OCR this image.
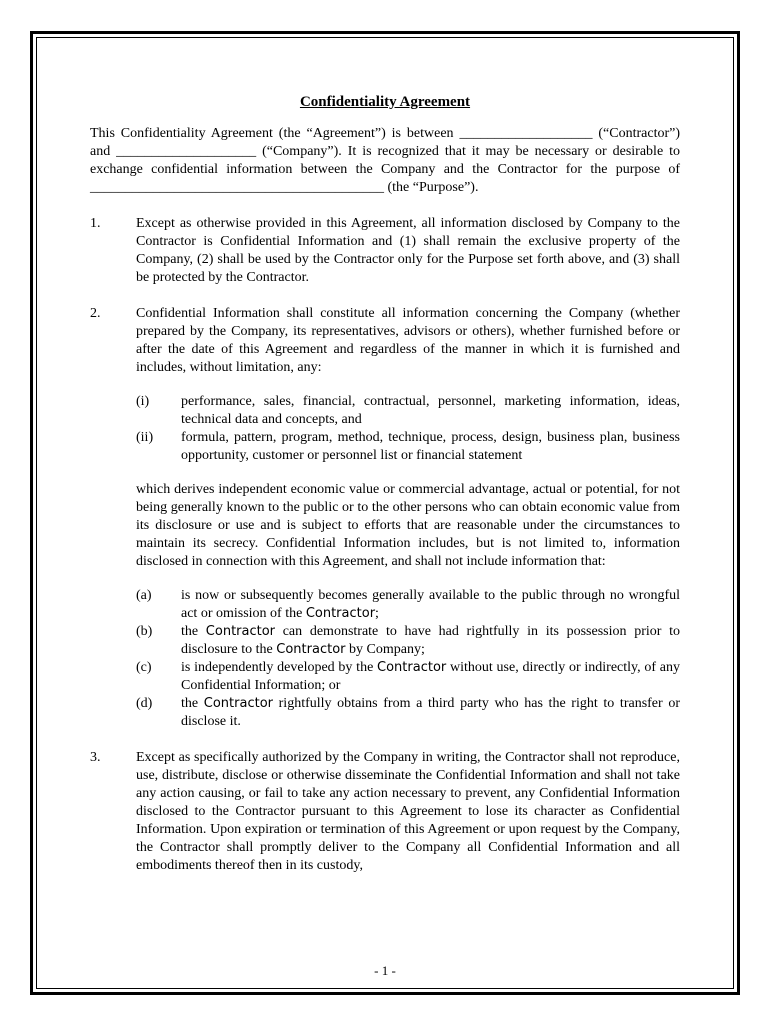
Confidentiality Agreement
This Confidentiality Agreement (the “Agreement”) is between ___________________ (“Contractor”) and ____________________ (“Company”). It is recognized that it may be necessary or desirable to exchange confidential information between the Company and the Contractor for the purpose of __________________________________________ (the “Purpose”).
1.	Except as otherwise provided in this Agreement, all information disclosed by Company to the Contractor is Confidential Information and (1) shall remain the exclusive property of the Company, (2) shall be used by the Contractor only for the Purpose set forth above, and (3) shall be protected by the Contractor.
2.	Confidential Information shall constitute all information concerning the Company (whether prepared by the Company, its representatives, advisors or others), whether furnished before or after the date of this Agreement and regardless of the manner in which it is furnished and includes, without limitation, any:
(i) performance, sales, financial, contractual, personnel, marketing information, ideas, technical data and concepts, and
(ii) formula, pattern, program, method, technique, process, design, business plan, business opportunity, customer or personnel list or financial statement
which derives independent economic value or commercial advantage, actual or potential, for not being generally known to the public or to the other persons who can obtain economic value from its disclosure or use and is subject to efforts that are reasonable under the circumstances to maintain its secrecy. Confidential Information includes, but is not limited to, information disclosed in connection with this Agreement, and shall not include information that:
(a) is now or subsequently becomes generally available to the public through no wrongful act or omission of the Contractor;
(b) the Contractor can demonstrate to have had rightfully in its possession prior to disclosure to the Contractor by Company;
(c) is independently developed by the Contractor without use, directly or indirectly, of any Confidential Information; or
(d) the Contractor rightfully obtains from a third party who has the right to transfer or disclose it.
3.	Except as specifically authorized by the Company in writing, the Contractor shall not reproduce, use, distribute, disclose or otherwise disseminate the Confidential Information and shall not take any action causing, or fail to take any action necessary to prevent, any Confidential Information disclosed to the Contractor pursuant to this Agreement to lose its character as Confidential Information. Upon expiration or termination of this Agreement or upon request by the Company, the Contractor shall promptly deliver to the Company all Confidential Information and all embodiments thereof then in its custody,
- 1 -
